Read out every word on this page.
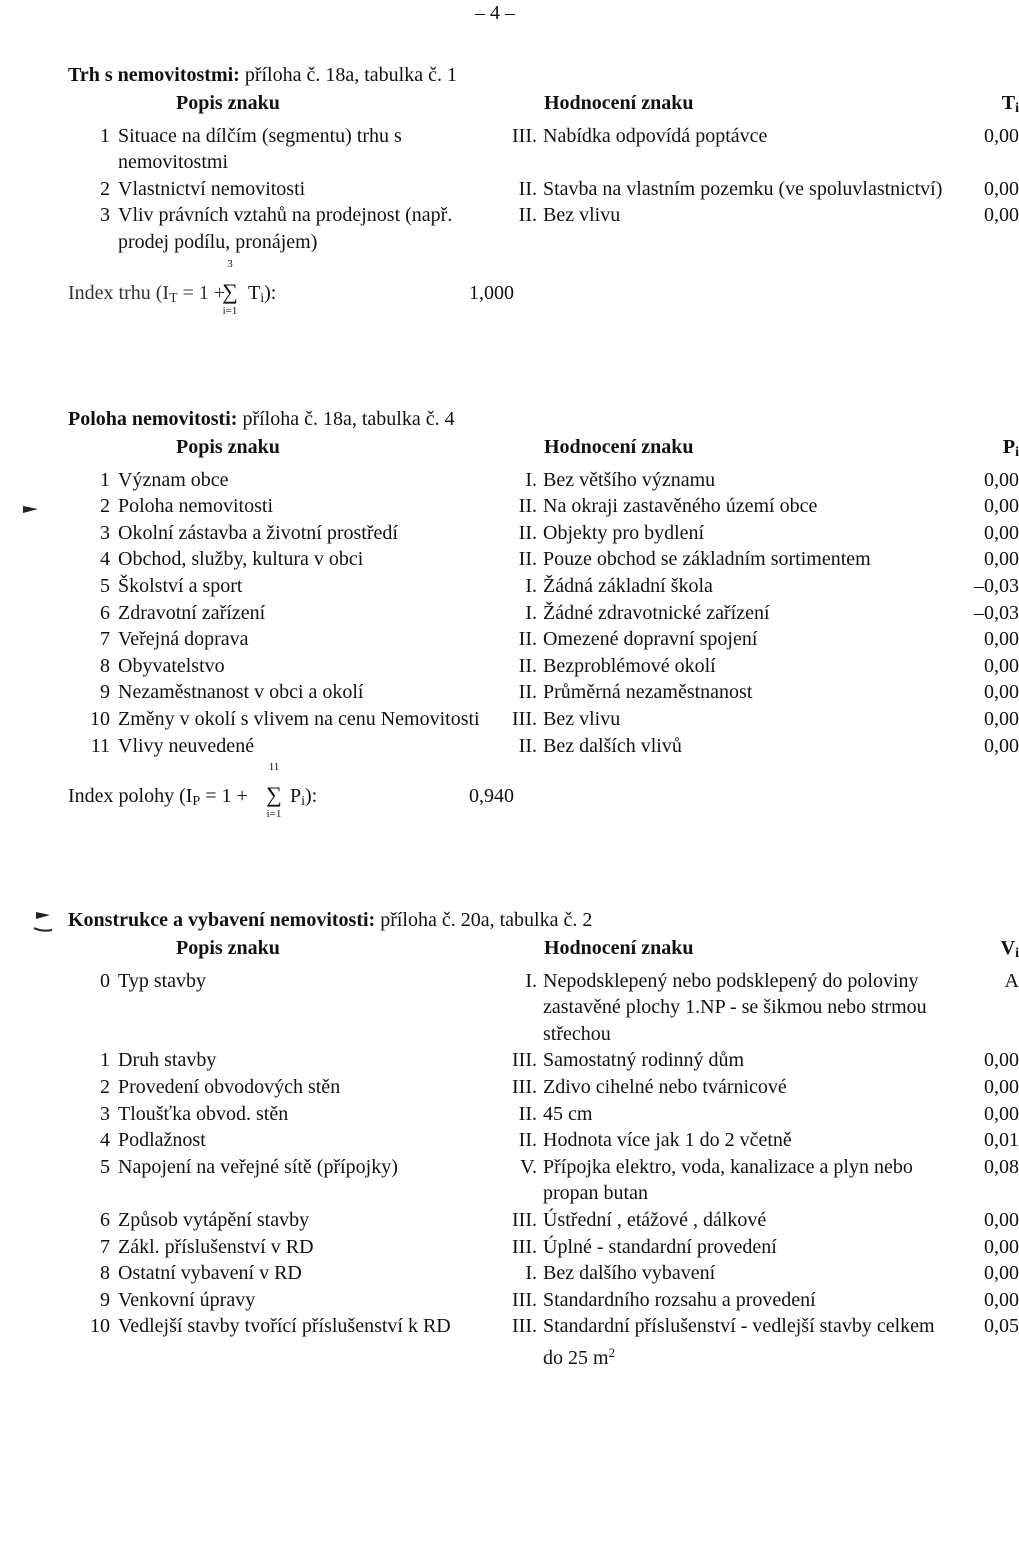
– 4 –
Trh s nemovitostmi: příloha č. 18a, tabulka č. 1
	Popis znaku		Hodnocení znaku	$T_i$
1	Situace na dílčím (segmentu) trhu s nemovitostmi	III.	Nabídka odpovídá poptávce	0,00
2	Vlastnictví nemovitosti	II.	Stavba na vlastním pozemku (ve spoluvlastnictví)	0,00
3	Vliv právních vztahů na prodejnost (např. prodej podílu, pronájem)	II.	Bez vlivu	0,00
Index trhu ($I_T = 1$ +
3
∑
i=1
$T_i$):	1,000
Poloha nemovitosti: příloha č. 18a, tabulka č. 4
	Popis znaku		Hodnocení znaku	$P_i$
1	Význam obce	I.	Bez většího významu	0,00
2	Poloha nemovitosti	II.	Na okraji zastavěného území obce	0,00
3	Okolní zástavba a životní prostředí	II.	Objekty pro bydlení	0,00
4	Obchod, služby, kultura v obci	II.	Pouze obchod se základním sortimentem	0,00
5	Školství a sport	I.	Žádná základní škola	–0,03
6	Zdravotní zařízení	I.	Žádné zdravotnické zařízení	–0,03
7	Veřejná doprava	II.	Omezené dopravní spojení	0,00
8	Obyvatelstvo	II.	Bezproblémové okolí	0,00
9	Nezaměstnanost v obci a okolí	II.	Průměrná nezaměstnanost	0,00
10	Změny v okolí s vlivem na cenu Nemovitosti	III.	Bez vlivu	0,00
11	Vlivy neuvedené	II.	Bez dalších vlivů	0,00
Index polohy ($I_P = 1$ +
11
∑
i=1
$P_i$):	0,940
Konstrukce a vybavení nemovitosti: příloha č. 20a, tabulka č. 2
	Popis znaku		Hodnocení znaku	$V_i$
0	Typ stavby	I.	Nepodsklepený nebo podsklepený do poloviny zastavěné plochy 1.NP - se šikmou nebo strmou střechou	A
1	Druh stavby	III.	Samostatný rodinný dům	0,00
2	Provedení obvodových stěn	III.	Zdivo cihelné nebo tvárnicové	0,00
3	Tloušťka obvod. stěn	II.	45 cm	0,00
4	Podlažnost	II.	Hodnota více jak 1 do 2 včetně	0,01
5	Napojení na veřejné sítě (přípojky)	V.	Přípojka elektro, voda, kanalizace a plyn nebo propan butan	0,08
6	Způsob vytápění stavby	III.	Ústřední , etážové , dálkové	0,00
7	Zákl. příslušenství v RD	III.	Úplné - standardní provedení	0,00
8	Ostatní vybavení v RD	I.	Bez dalšího vybavení	0,00
9	Venkovní úpravy	III.	Standardního rozsahu a provedení	0,00
10	Vedlejší stavby tvořící příslušenství k RD	III.	Standardní příslušenství - vedlejší stavby celkem do 25 $m^2$	0,05
